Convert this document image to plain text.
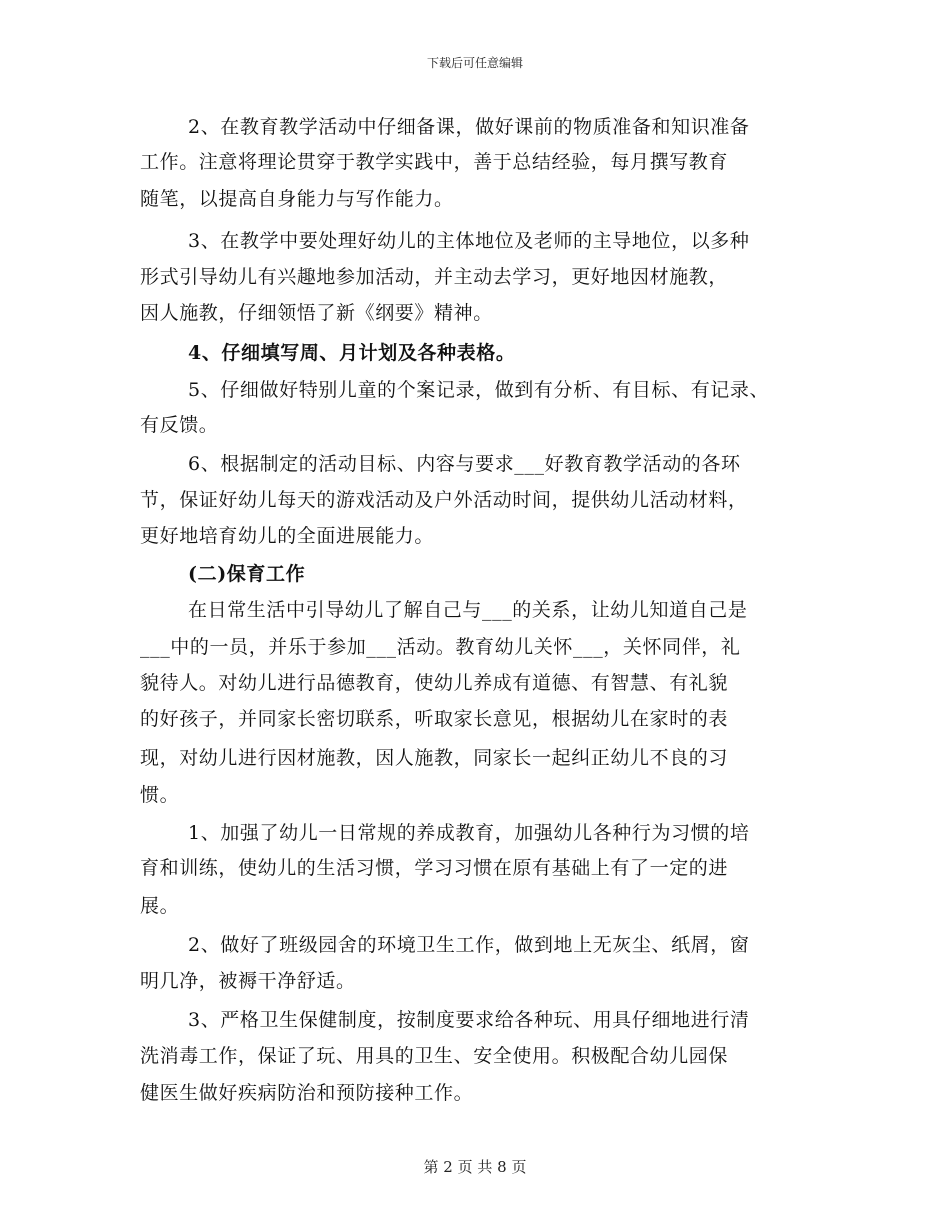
下载后可任意编辑
2、在教育教学活动中仔细备课，做好课前的物质准备和知识准备
工作。注意将理论贯穿于教学实践中，善于总结经验，每月撰写教育
随笔，以提高自身能力与写作能力。
3、在教学中要处理好幼儿的主体地位及老师的主导地位，以多种
形式引导幼儿有兴趣地参加活动，并主动去学习，更好地因材施教，
因人施教，仔细领悟了新《纲要》精神。
4、仔细填写周、月计划及各种表格。
5、仔细做好特别儿童的个案记录，做到有分析、有目标、有记录、
有反馈。
6、根据制定的活动目标、内容与要求___好教育教学活动的各环
节，保证好幼儿每天的游戏活动及户外活动时间，提供幼儿活动材料，
更好地培育幼儿的全面进展能力。
(二)保育工作
在日常生活中引导幼儿了解自己与___的关系，让幼儿知道自己是
___中的一员，并乐于参加___活动。教育幼儿关怀___，关怀同伴，礼
貌待人。对幼儿进行品德教育，使幼儿养成有道德、有智慧、有礼貌
的好孩子，并同家长密切联系，听取家长意见，根据幼儿在家时的表
现，对幼儿进行因材施教，因人施教，同家长一起纠正幼儿不良的习
惯。
1、加强了幼儿一日常规的养成教育，加强幼儿各种行为习惯的培
育和训练，使幼儿的生活习惯，学习习惯在原有基础上有了一定的进
展。
2、做好了班级园舍的环境卫生工作，做到地上无灰尘、纸屑，窗
明几净，被褥干净舒适。
3、严格卫生保健制度，按制度要求给各种玩、用具仔细地进行清
洗消毒工作，保证了玩、用具的卫生、安全使用。积极配合幼儿园保
健医生做好疾病防治和预防接种工作。
第 2 页 共 8 页
